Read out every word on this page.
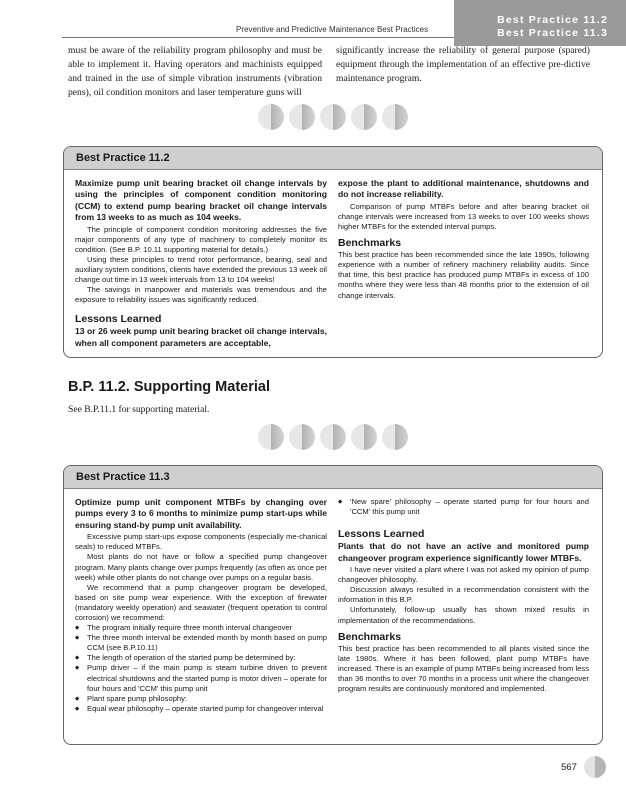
Preventive and Predictive Maintenance Best Practices
Best Practice 11.2
Best Practice 11.3
must be aware of the reliability program philosophy and must be able to implement it. Having operators and machinists equipped and trained in the use of simple vibration instruments (vibration pens), oil condition monitors and laser temperature guns will
significantly increase the reliability of general purpose (spared) equipment through the implementation of an effective pre-dictive maintenance program.
Best Practice 11.2

Maximize pump unit bearing bracket oil change intervals by using the principles of component condition monitoring (CCM) to extend pump bearing bracket oil change intervals from 13 weeks to as much as 104 weeks.

The principle of component condition monitoring addresses the five major components of any type of machinery to completely monitor its condition. (See B.P. 10.11 supporting material for details.)

Using these principles to trend rotor performance, bearing, seal and auxiliary system conditions, clients have extended the previous 13 week oil change out time in 13 week intervals from 13 to 104 weeks!

The savings in manpower and materials was tremendous and the exposure to reliability issues was significantly reduced.

Lessons Learned

13 or 26 week pump unit bearing bracket oil change intervals, when all component parameters are acceptable,

expose the plant to additional maintenance, shutdowns and do not increase reliability.

Comparison of pump MTBFs before and after bearing bracket oil change intervals were increased from 13 weeks to over 100 weeks shows higher MTBFs for the extended interval pumps.

Benchmarks

This best practice has been recommended since the late 1990s, following experience with a number of refinery machinery reliability audits. Since that time, this best practice has produced pump MTBFs in excess of 100 months where they were less than 48 months prior to the extension of oil change intervals.

B.P. 11.2. Supporting Material
See B.P.11.1 for supporting material.
Best Practice 11.3

Optimize pump unit component MTBFs by changing over pumps every 3 to 6 months to minimize pump start-ups while ensuring stand-by pump unit availability.

Excessive pump start-ups expose components (especially me-chanical seals) to reduced MTBFs.

Most plants do not have or follow a specified pump changeover program. Many plants change over pumps frequently (as often as once per week) while other plants do not change over pumps on a regular basis.

We recommend that a pump changeover program be developed, based on site pump wear experience. With the exception of firewater (mandatory weekly operation) and seawater (frequent operation to control corrosion) we recommend:

◆ The program initially require three month interval changeover
◆ The three month interval be extended month by month based on pump CCM (see B.P.10.11)
◆ The length of operation of the started pump be determined by:
◆ Pump driver – if the main pump is steam turbine driven to prevent electrical shutdowns and the started pump is motor driven – operate for four hours and 'CCM' this pump unit
◆ Plant spare pump philosophy:
◆ Equal wear philosophy – operate started pump for changeover interval
◆ 'New spare' philosophy – operate started pump for four hours and 'CCM' this pump unit

Lessons Learned

Plants that do not have an active and monitored pump changeover program experience significantly lower MTBFs.

I have never visited a plant where I was not asked my opinion of pump changeover philosophy.

Discussion always resulted in a recommendation consistent with the information in this B.P.

Unfortunately, follow-up usually has shown mixed results in implementation of the recommendations.

Benchmarks

This best practice has been recommended to all plants visited since the late 1980s. Where it has been followed, plant pump MTBFs have increased. There is an example of pump MTBFs being increased from less than 36 months to over 70 months in a process unit where the changeover program results are continuously monitored and implemented.

567
